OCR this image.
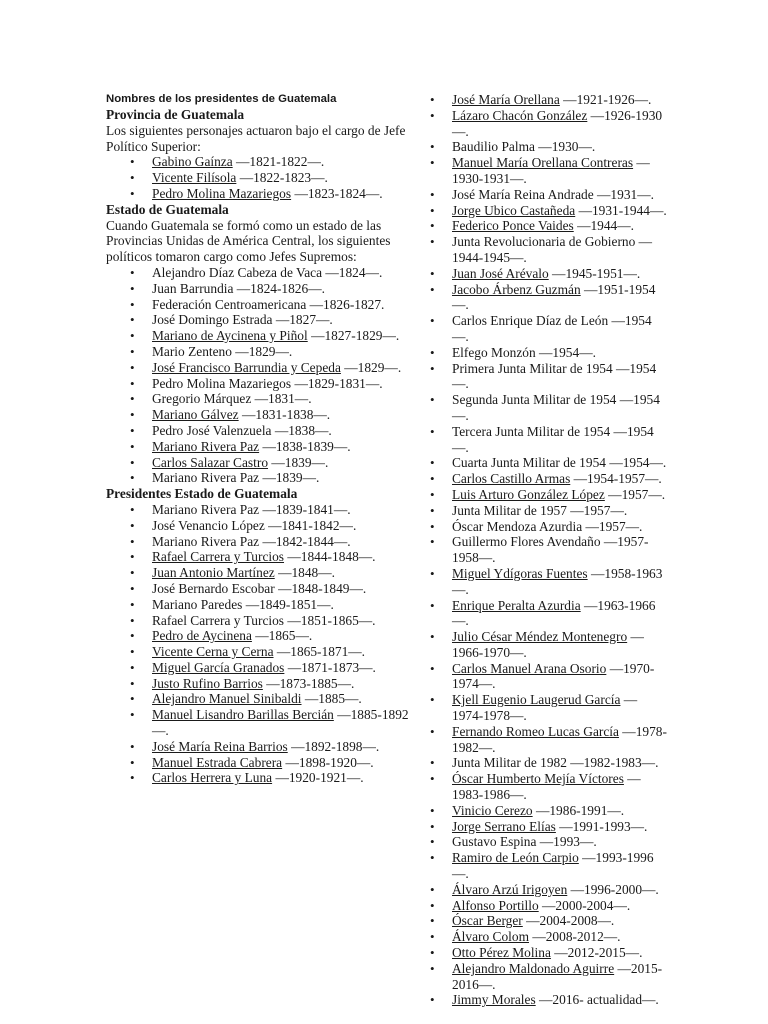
Nombres de los presidentes de Guatemala
Provincia de Guatemala
Los siguientes personajes actuaron bajo el cargo de Jefe Político Superior:
• Gabino Gaínza —1821-1822—.
• Vicente Filísola —1822-1823—.
• Pedro Molina Mazariegos —1823-1824—.
Estado de Guatemala
Cuando Guatemala se formó como un estado de las Provincias Unidas de América Central, los siguientes políticos tomaron cargo como Jefes Supremos:
• Alejandro Díaz Cabeza de Vaca —1824—.
• Juan Barrundia —1824-1826—.
• Federación Centroamericana —1826-1827.
• José Domingo Estrada —1827—.
• Mariano de Aycinena y Piñol —1827-1829—.
• Mario Zenteno —1829—.
• José Francisco Barrundia y Cepeda —1829—.
• Pedro Molina Mazariegos —1829-1831—.
• Gregorio Márquez —1831—.
• Mariano Gálvez —1831-1838—.
• Pedro José Valenzuela —1838—.
• Mariano Rivera Paz —1838-1839—.
• Carlos Salazar Castro —1839—.
• Mariano Rivera Paz —1839—.
Presidentes Estado de Guatemala
• Mariano Rivera Paz —1839-1841—.
• José Venancio López —1841-1842—.
• Mariano Rivera Paz —1842-1844—.
• Rafael Carrera y Turcios —1844-1848—.
• Juan Antonio Martínez —1848—.
• José Bernardo Escobar —1848-1849—.
• Mariano Paredes —1849-1851—.
• Rafael Carrera y Turcios —1851-1865—.
• Pedro de Aycinena —1865—.
• Vicente Cerna y Cerna —1865-1871—.
• Miguel García Granados —1871-1873—.
• Justo Rufino Barrios —1873-1885—.
• Alejandro Manuel Sinibaldi —1885—.
• Manuel Lisandro Barillas Bercián —1885-1892—.
• José María Reina Barrios —1892-1898—.
• Manuel Estrada Cabrera —1898-1920—.
• Carlos Herrera y Luna —1920-1921—.
• José María Orellana —1921-1926—.
• Lázaro Chacón González —1926-1930—.
• Baudilio Palma —1930—.
• Manuel María Orellana Contreras —1930-1931—.
• José María Reina Andrade —1931—.
• Jorge Ubico Castañeda —1931-1944—.
• Federico Ponce Vaides —1944—.
• Junta Revolucionaria de Gobierno —1944-1945—.
• Juan José Arévalo —1945-1951—.
• Jacobo Árbenz Guzmán —1951-1954—.
• Carlos Enrique Díaz de León —1954—.
• Elfego Monzón —1954—.
• Primera Junta Militar de 1954 —1954—.
• Segunda Junta Militar de 1954 —1954—.
• Tercera Junta Militar de 1954 —1954—.
• Cuarta Junta Militar de 1954 —1954—.
• Carlos Castillo Armas —1954-1957—.
• Luis Arturo González López —1957—.
• Junta Militar de 1957 —1957—.
• Óscar Mendoza Azurdia —1957—.
• Guillermo Flores Avendaño —1957-1958—.
• Miguel Ydígoras Fuentes —1958-1963—.
• Enrique Peralta Azurdia —1963-1966—.
• Julio César Méndez Montenegro —1966-1970—.
• Carlos Manuel Arana Osorio —1970-1974—.
• Kjell Eugenio Laugerud García —1974-1978—.
• Fernando Romeo Lucas García —1978-1982—.
• Junta Militar de 1982 —1982-1983—.
• Óscar Humberto Mejía Víctores —1983-1986—.
• Vinicio Cerezo —1986-1991—.
• Jorge Serrano Elías —1991-1993—.
• Gustavo Espina —1993—.
• Ramiro de León Carpio —1993-1996—.
• Álvaro Arzú Irigoyen —1996-2000—.
• Alfonso Portillo —2000-2004—.
• Óscar Berger —2004-2008—.
• Álvaro Colom —2008-2012—.
• Otto Pérez Molina —2012-2015—.
• Alejandro Maldonado Aguirre —2015-2016—.
• Jimmy Morales —2016- actualidad—.
